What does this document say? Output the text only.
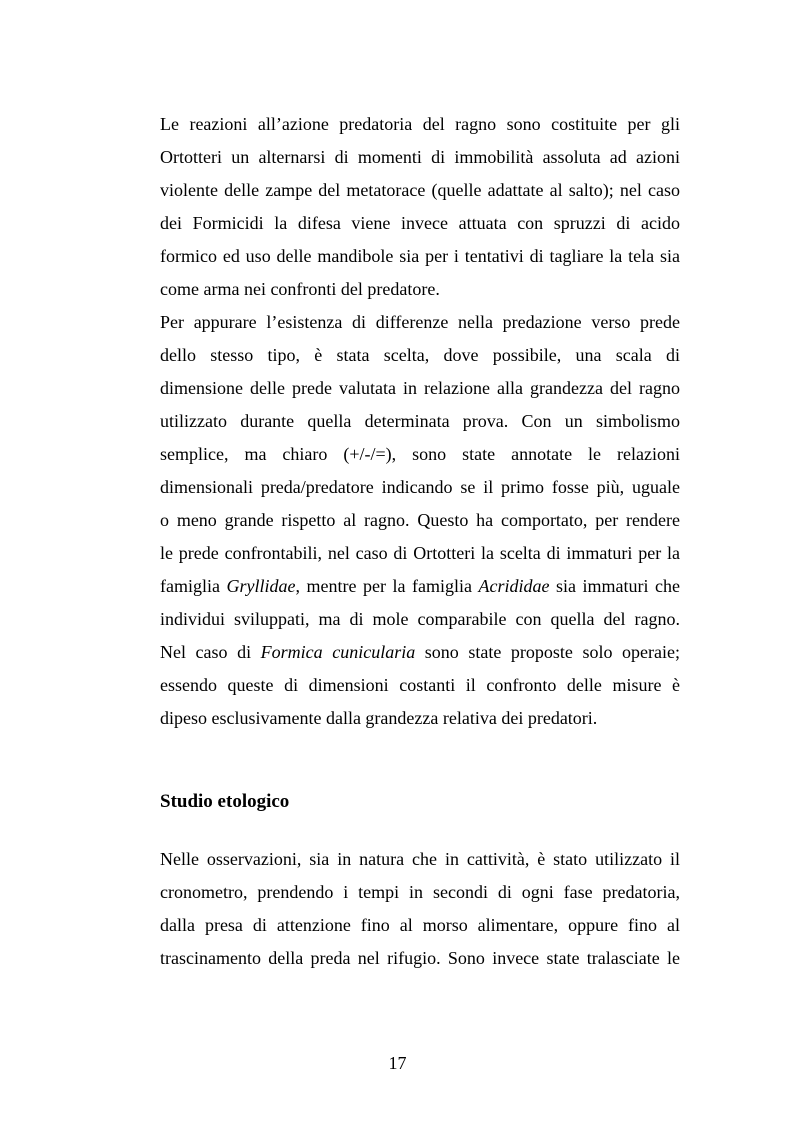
Le reazioni all’azione predatoria del ragno sono costituite per gli
Ortotteri un alternarsi di momenti di immobilità assoluta ad azioni
violente delle zampe del metatorace (quelle adattate al salto); nel caso
dei Formicidi la difesa viene invece attuata con spruzzi di acido
formico ed uso delle mandibole sia per i tentativi di tagliare la tela sia
come arma nei confronti del predatore.
Per appurare l’esistenza di differenze nella predazione verso prede
dello stesso tipo, è stata scelta, dove possibile, una scala di
dimensione delle prede valutata in relazione alla grandezza del ragno
utilizzato durante quella determinata prova. Con un simbolismo
semplice, ma chiaro (+/-/=), sono state annotate le relazioni
dimensionali preda/predatore indicando se il primo fosse più, uguale
o meno grande rispetto al ragno. Questo ha comportato, per rendere
le prede confrontabili, nel caso di Ortotteri la scelta di immaturi per la
famiglia Gryllidae, mentre per la famiglia Acrididae sia immaturi che
individui sviluppati, ma di mole comparabile con quella del ragno.
Nel caso di Formica cunicularia sono state proposte solo operaie;
essendo queste di dimensioni costanti il confronto delle misure è
dipeso esclusivamente dalla grandezza relativa dei predatori.
Studio etologico
Nelle osservazioni, sia in natura che in cattività, è stato utilizzato il
cronometro, prendendo i tempi in secondi di ogni fase predatoria,
dalla presa di attenzione fino al morso alimentare, oppure fino al
trascinamento della preda nel rifugio. Sono invece state tralasciate le
17
